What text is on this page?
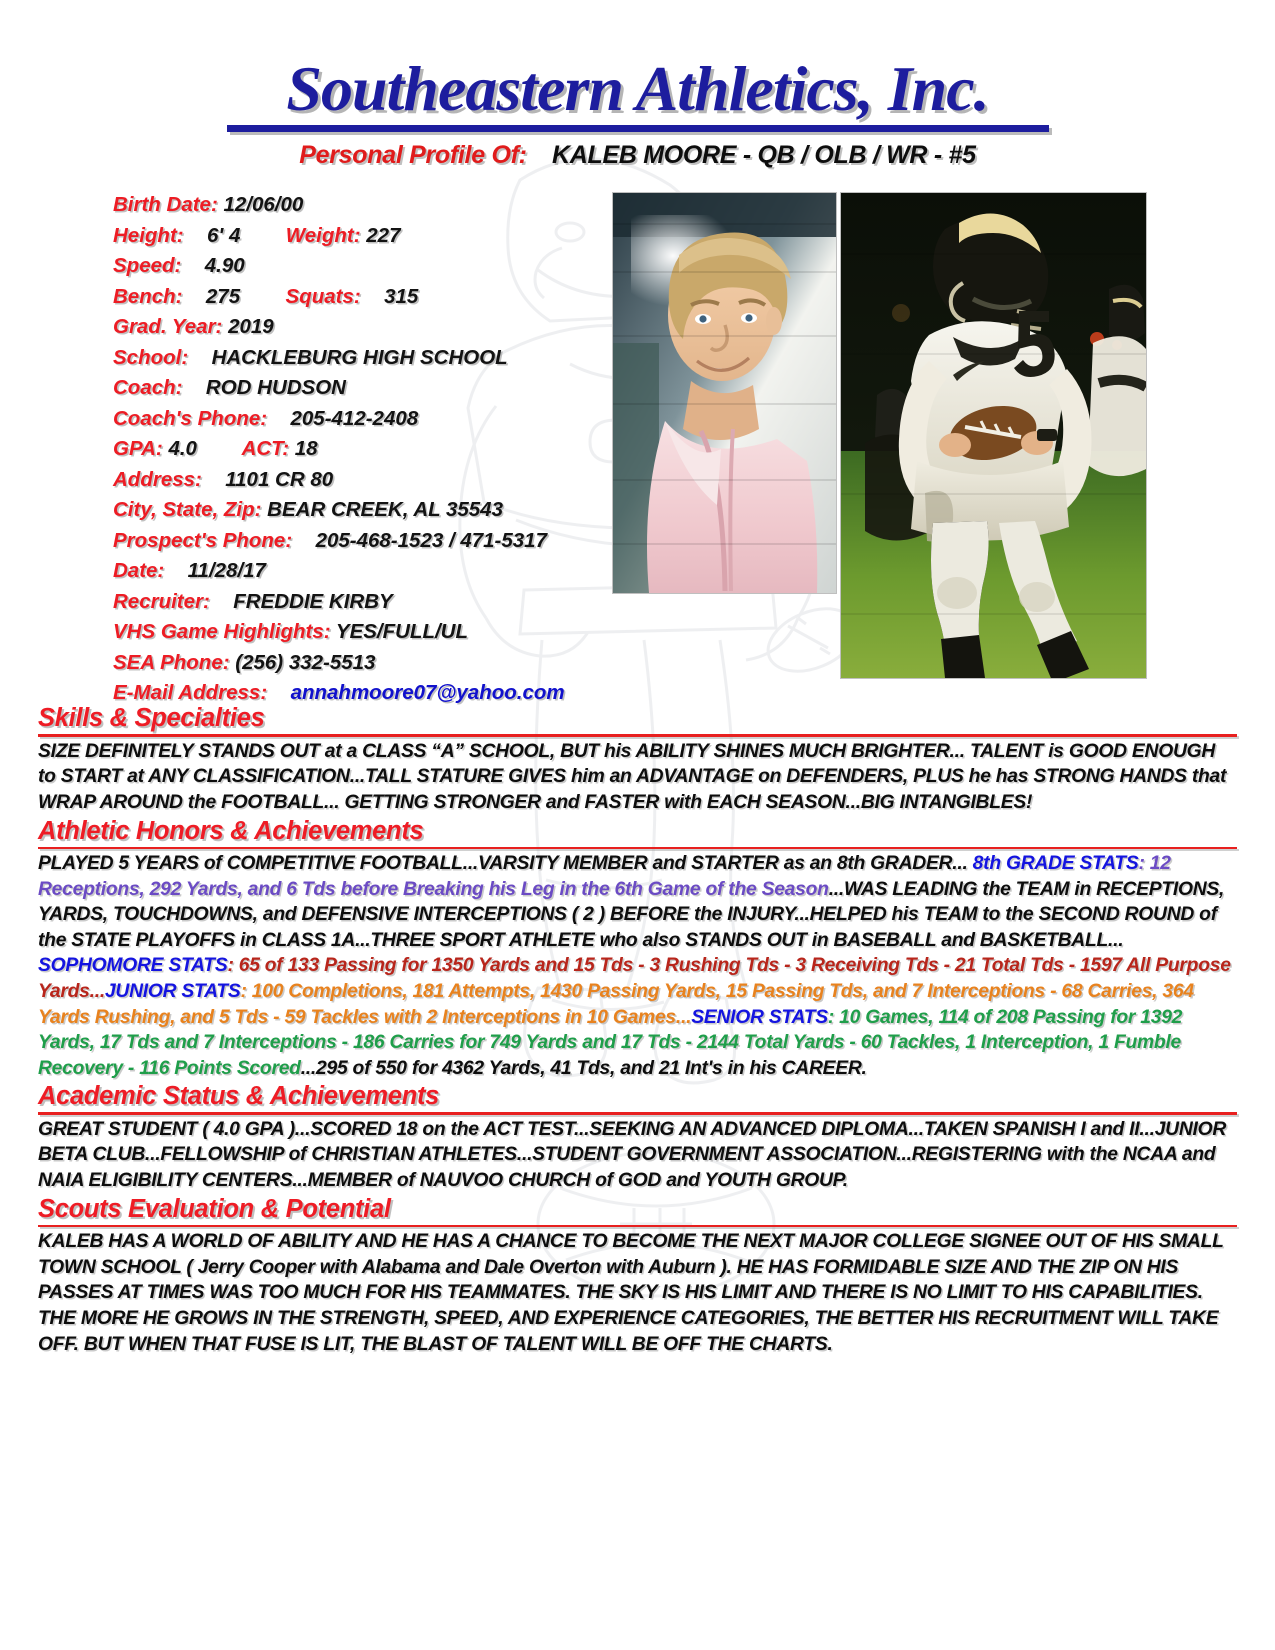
Southeastern Athletics, Inc.
Personal Profile Of: KALEB MOORE - QB / OLB / WR - #5
Birth Date: 12/06/00
Height: 6' 4 Weight: 227
Speed: 4.90
Bench: 275 Squats: 315
Grad. Year: 2019
School: HACKLEBURG HIGH SCHOOL
Coach: ROD HUDSON
Coach's Phone: 205-412-2408
GPA: 4.0 ACT: 18
Address: 1101 CR 80
City, State, Zip: BEAR CREEK, AL 35543
Prospect's Phone: 205-468-1523 / 471-5317
Date: 11/28/17
Recruiter: FREDDIE KIRBY
VHS Game Highlights: YES/FULL/UL
SEA Phone: (256) 332-5513
E-Mail Address: annahmoore07@yahoo.com
Skills & Specialties

SIZE DEFINITELY STANDS OUT at a CLASS “A” SCHOOL, BUT his ABILITY SHINES MUCH BRIGHTER... TALENT is GOOD ENOUGH to START at ANY CLASSIFICATION...TALL STATURE GIVES him an ADVANTAGE on DEFENDERS, PLUS he has STRONG HANDS that WRAP AROUND the FOOTBALL... GETTING STRONGER and FASTER with EACH SEASON...BIG INTANGIBLES!

Athletic Honors & Achievements

PLAYED 5 YEARS of COMPETITIVE FOOTBALL...VARSITY MEMBER and STARTER as an 8th GRADER... 8th GRADE STATS: 12 Receptions, 292 Yards, and 6 Tds before Breaking his Leg in the 6th Game of the Season...WAS LEADING the TEAM in RECEPTIONS, YARDS, TOUCHDOWNS, and DEFENSIVE INTERCEPTIONS ( 2 ) BEFORE the INJURY...HELPED his TEAM to the SECOND ROUND of the STATE PLAYOFFS in CLASS 1A...THREE SPORT ATHLETE who also STANDS OUT in BASEBALL and BASKETBALL... SOPHOMORE STATS: 65 of 133 Passing for 1350 Yards and 15 Tds - 3 Rushing Tds - 3 Receiving Tds - 21 Total Tds - 1597 All Purpose Yards...JUNIOR STATS: 100 Completions, 181 Attempts, 1430 Passing Yards, 15 Passing Tds, and 7 Interceptions - 68 Carries, 364 Yards Rushing, and 5 Tds - 59 Tackles with 2 Interceptions in 10 Games...SENIOR STATS: 10 Games, 114 of 208 Passing for 1392 Yards, 17 Tds and 7 Interceptions - 186 Carries for 749 Yards and 17 Tds - 2144 Total Yards - 60 Tackles, 1 Interception, 1 Fumble Recovery - 116 Points Scored...295 of 550 for 4362 Yards, 41 Tds, and 21 Int's in his CAREER.

Academic Status & Achievements

GREAT STUDENT ( 4.0 GPA )...SCORED 18 on the ACT TEST...SEEKING AN ADVANCED DIPLOMA...TAKEN SPANISH I and II...JUNIOR BETA CLUB...FELLOWSHIP of CHRISTIAN ATHLETES...STUDENT GOVERNMENT ASSOCIATION...REGISTERING with the NCAA and NAIA ELIGIBILITY CENTERS...MEMBER of NAUVOO CHURCH of GOD and YOUTH GROUP.

Scouts Evaluation & Potential

KALEB HAS A WORLD OF ABILITY AND HE HAS A CHANCE TO BECOME THE NEXT MAJOR COLLEGE SIGNEE OUT OF HIS SMALL TOWN SCHOOL ( Jerry Cooper with Alabama and Dale Overton with Auburn ). HE HAS FORMIDABLE SIZE AND THE ZIP ON HIS PASSES AT TIMES WAS TOO MUCH FOR HIS TEAMMATES. THE SKY IS HIS LIMIT AND THERE IS NO LIMIT TO HIS CAPABILITIES. THE MORE HE GROWS IN THE STRENGTH, SPEED, AND EXPERIENCE CATEGORIES, THE BETTER HIS RECRUITMENT WILL TAKE OFF. BUT WHEN THAT FUSE IS LIT, THE BLAST OF TALENT WILL BE OFF THE CHARTS.
